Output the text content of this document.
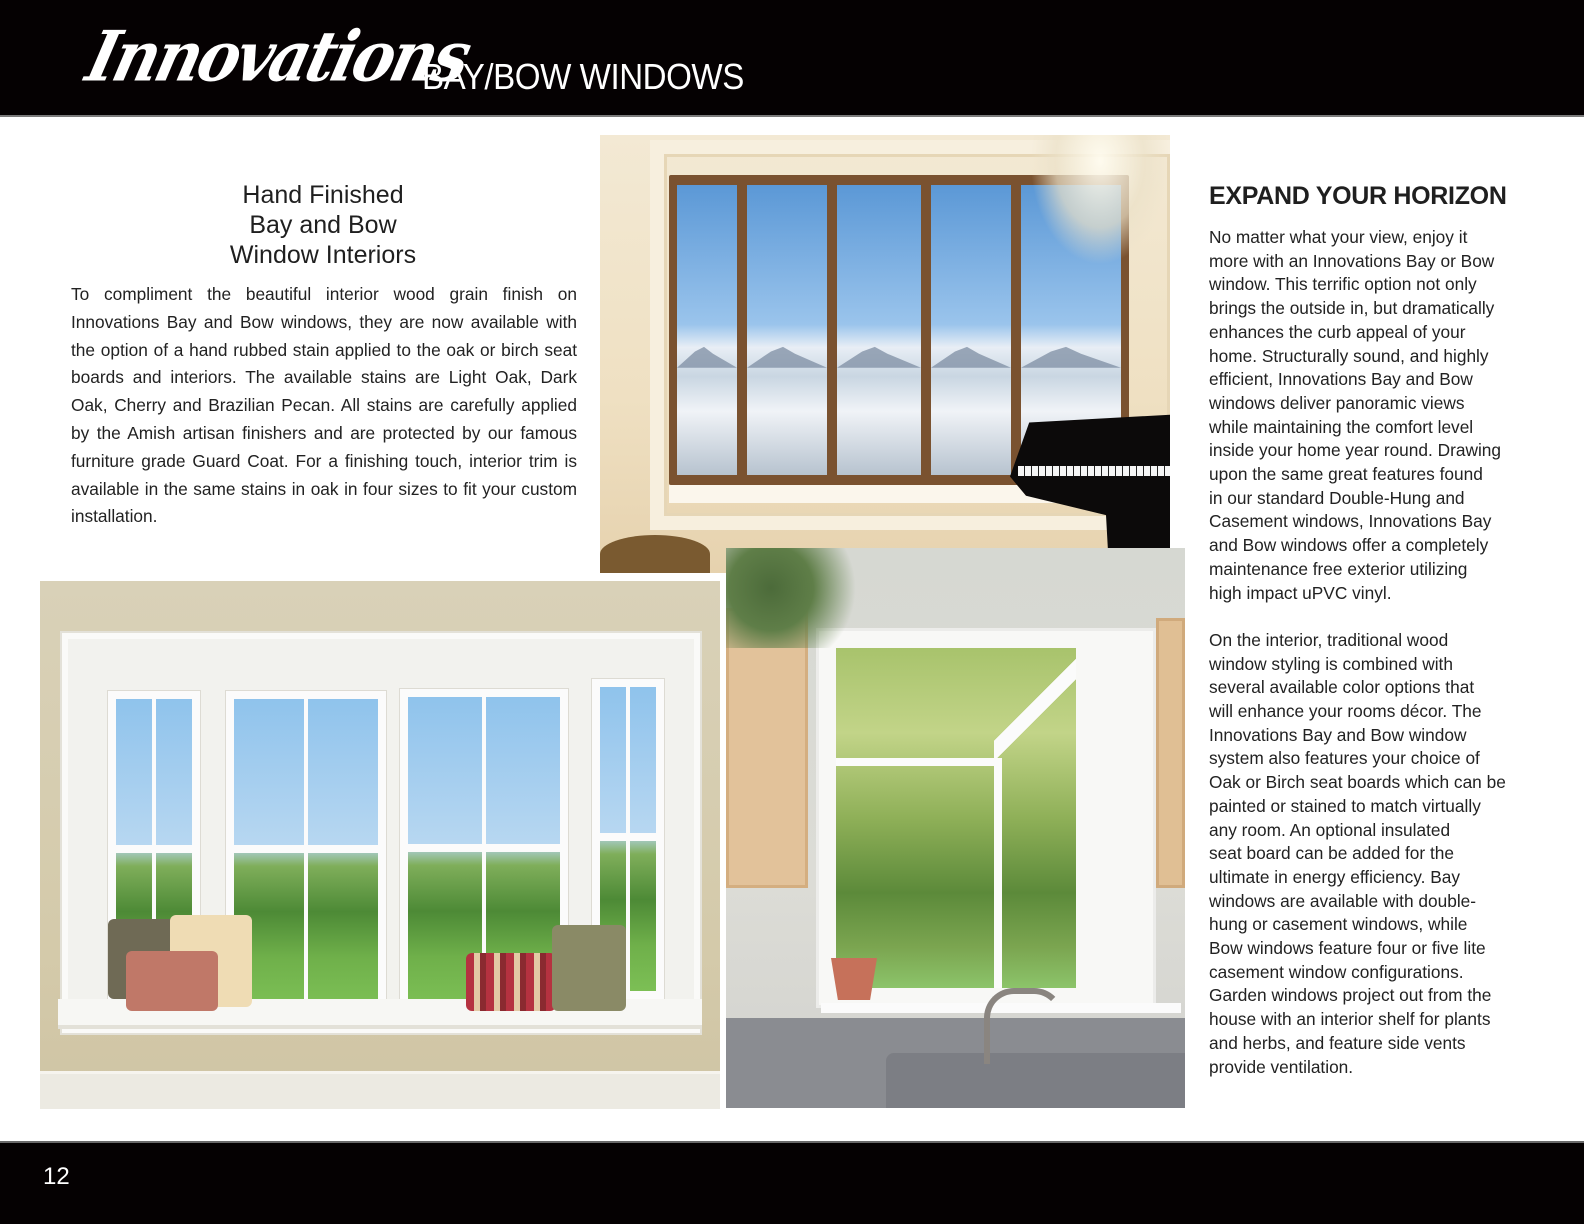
Innovations
BAY/BOW WINDOWS
Hand Finished
Bay and Bow
Window Interiors

To compliment the beautiful interior wood grain finish on Innovations Bay and Bow windows, they are now available with the option of a hand rubbed stain applied to the oak or birch seat boards and interiors. The available stains are Light Oak, Dark Oak, Cherry and Brazilian Pecan. All stains are carefully applied by the Amish artisan finishers and are protected by our famous furniture grade Guard Coat. For a finishing touch, interior trim is available in the same stains in oak in four sizes to fit your custom installation.

EXPAND YOUR HORIZON
No matter what your view, enjoy it
more with an Innovations Bay or Bow
window. This terrific option not only
brings the outside in, but dramatically
enhances the curb appeal of your
home. Structurally sound, and highly
efficient, Innovations Bay and Bow
windows deliver panoramic views
while maintaining the comfort level
inside your home year round. Drawing
upon the same great features found
in our standard Double-Hung and
Casement windows, Innovations Bay
and Bow windows offer a completely
maintenance free exterior utilizing
high impact uPVC vinyl.
On the interior, traditional wood
window styling is combined with
several available color options that
will enhance your rooms décor. The
Innovations Bay and Bow window
system also features your choice of
Oak or Birch seat boards which can be
painted or stained to match virtually
any room. An optional insulated
seat board can be added for the
ultimate in energy efficiency. Bay
windows are available with double-
hung or casement windows, while
Bow windows feature four or five lite
casement window configurations.
Garden windows project out from the
house with an interior shelf for plants
and herbs, and feature side vents
provide ventilation.
12
